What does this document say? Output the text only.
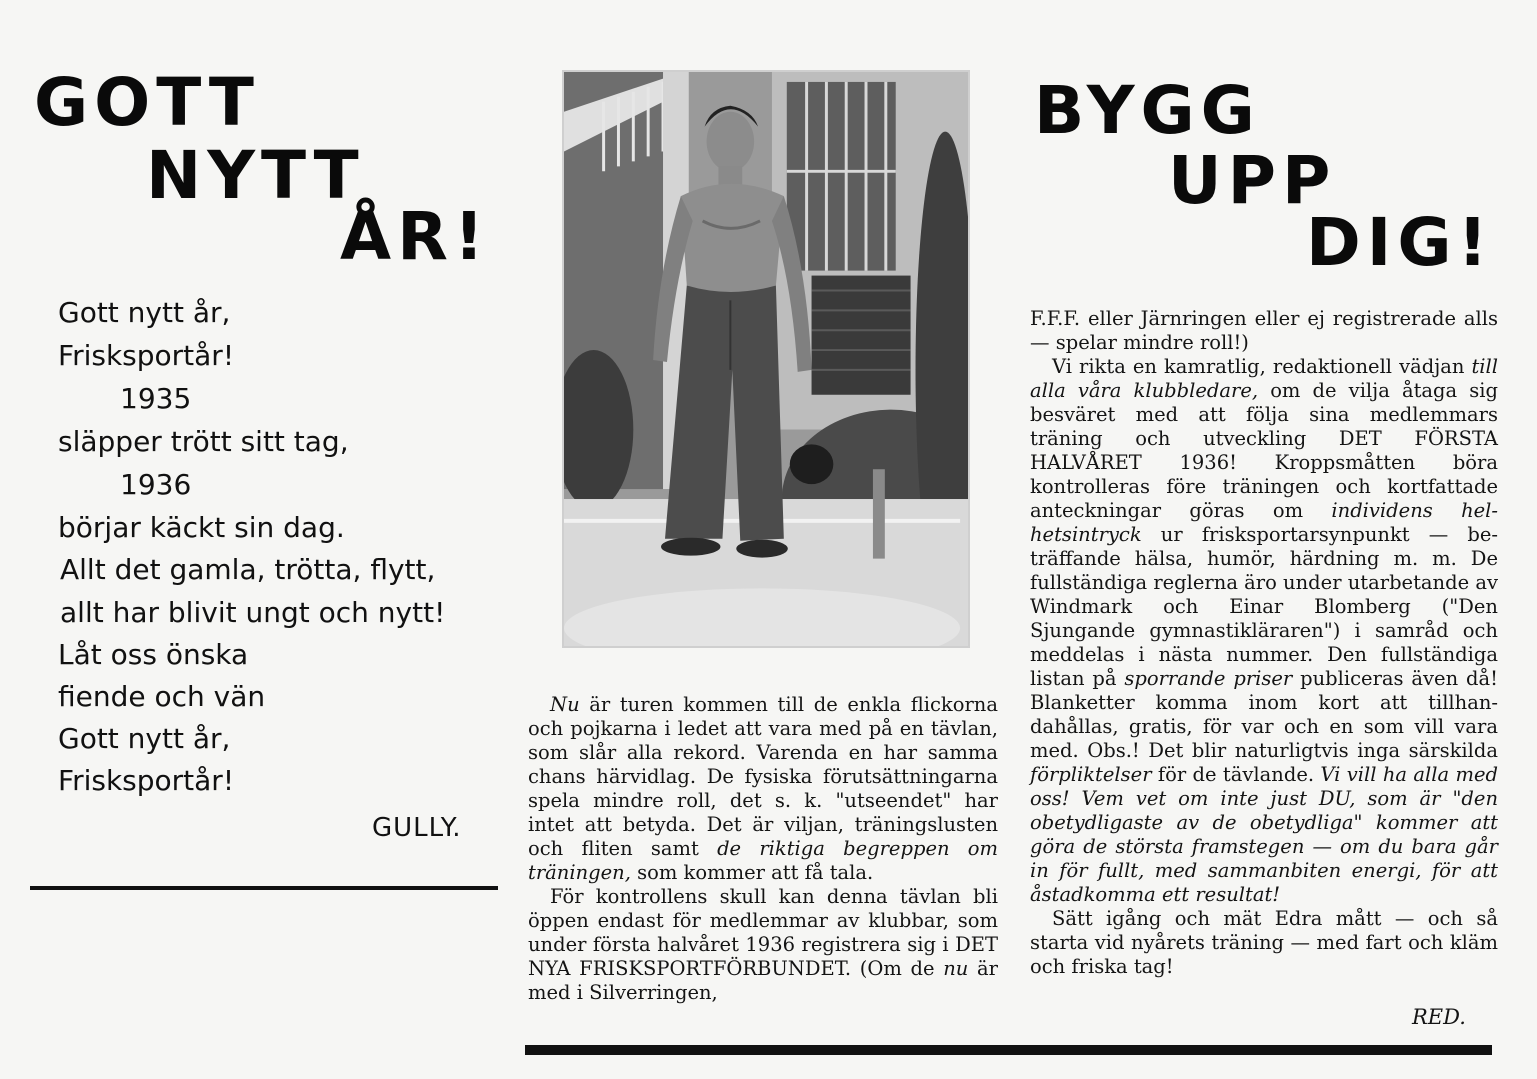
GOTT
NYTT
ÅR!
BYGG
UPP
DIG!
Gott nytt år,
Frisksportår!
1935
släpper trött sitt tag,
1936
börjar käckt sin dag.
Allt det gamla, trötta, flytt,
allt har blivit ungt och nytt!
Låt oss önska
fiende och vän
Gott nytt år,
Frisksportår!
GULLY.

Nu är turen kommen till de enkla flickorna och pojkarna i ledet att vara med på en tävlan, som slår alla rekord. Varenda en har samma chans härvidlag. De fysiska förutsättningarna spela mindre roll, det s. k. "utseendet" har intet att betyda. Det är viljan, träningslusten och fliten samt de riktiga begreppen om träningen, som kommer att få tala.

För kontrollens skull kan denna tävlan bli öppen endast för medlemmar av klubbar, som under första halvåret 1936 registrera sig i DET NYA FRISKSPORTFÖRBUNDET. (Om de nu är med i Silverringen,

F.F.F. eller Järnringen eller ej registrerade alls — spelar mindre roll!)

Vi rikta en kamratlig, redaktionell vädjan till alla våra klubbledare, om de vilja åtaga sig besväret med att följa sina medlemmars träning och utveckling DET FÖRSTA HALVÅRET 1936! Kroppsmåtten böra kontrolleras före träningen och kortfattade anteckningar göras om individens helhetsintryck ur frisksportarsynpunkt — beträffande hälsa, humör, härdning m. m. De fullständiga reglerna äro under utarbetande av Windmark och Einar Blomberg ("Den Sjungande gymnastikläraren") i samråd och meddelas i nästa nummer. Den fullständiga listan på sporrande priser publiceras även då! Blanketter komma inom kort att tillhandahållas, gratis, för var och en som vill vara med. Obs.! Det blir naturligtvis inga särskilda förpliktelser för de tävlande. Vi vill ha alla med oss! Vem vet om inte just DU, som är "den obetydligaste av de obetydliga" kommer att göra de största framstegen — om du bara går in för fullt, med sammanbiten energi, för att åstadkomma ett resultat!

Sätt igång och mät Edra mått — och så starta vid nyårets träning — med fart och kläm och friska tag!

RED.
